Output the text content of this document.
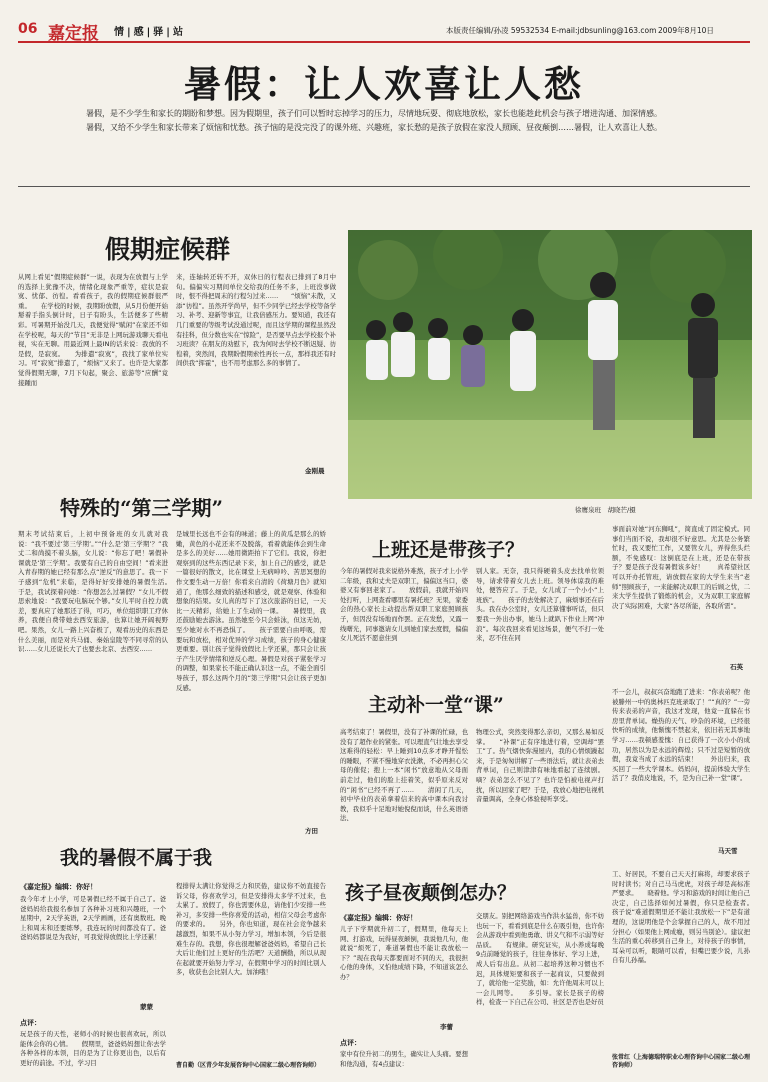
06 嘉定报 情|感|驿|站	本版责任编辑/孙凌 59532534 E-mail:jdbsunling@163.com 2009年8月10日
暑假：让人欢喜让人愁
暑假，是不少学生和家长的期盼和梦想。因为假期里，孩子们可以暂时忘掉学习的压力，尽情地玩耍、彻底地放松，家长也能趁此机会与孩子增进沟通、加深情感。
暑假，又给不少学生和家长带来了烦恼和忧愁。孩子恼的是没完没了的课外班、兴趣班，家长愁的是孩子放假在家没人照顾、昼夜颠倒……暑假，让人欢喜让人愁。
假期症候群
从网上看见“假期症候群”一说，表现为在放假与上学的选择上犹豫不决，情绪化现象严重等，症状是寂寞、忧郁、彷徨。看看孩子，我的假期症候群很严重。　　在学校的时候，我期盼放假，从5月份便开始掰着手指头倒计时，日子有盼头，生活便多了些精彩。可暑期开始没几天，我便觉得“赋闲”在家还不如在学校呢，每天的“节目”无非是上网玩游戏聊天看电视，实在无聊。用最近网上最IN的话来说：我放的不是假，是寂寞。　　为排遣“寂寞”，我找了家单位实习。可“寂寞”排遣了，“烦恼”又来了。也许是大家都觉得假期无聊，7月下旬起，聚会、旅游等“应酬”竟接踵而
来，连轴转还转不开，双休日的行程表已排到了8月中旬。偏偏实习期间单位交给我的任务不多，上班没事做时，恨不得把周末的行程匀过来……　　“烦恼”未散，又添“彷徨”。虽然开学尚早，但不少同学已经去学校等备学习、补考、迎新等事宜，让我倍感压力。要知道，我还有几门重要的等级考试没通过呢，而且这学期的课程虽然没有挂科，但分数也实在“惊险”，是否要早点去学校报个补习班读？在朋友的劝慰下，我为何时去学校不断迟疑、彷徨着，突然间，我期盼假期索性再长一点，那样我还有时间供我“挥霍”，也不用考虑那么多的事情了。
金刚晨
徐鹰泉班　 胡晓芒/摄
特殊的“第三学期”
期末考试结束后，上初中预备班的女儿就对我说：“我不要过‘第三学期’。”“什么是‘第三学期’？”我丈二和尚摸不着头脑，女儿说：“你忘了吧！暑假补课就是‘第三学期’。我要有自己的自由空间！”看来进入青春期的她已经有那么点“逆反”的意思了。我一下子感到“危机”来临，是得好好安排她的暑假生活。　　于是，我试探着问她：“你想怎么过暑假？”女儿不假思索地说：“我要玩电脑玩个够。”女儿平时自控力就差，要真应了她那还了得，可巧，单位组织职工疗休养，我便自费带她去西安旅游，也算让她开阔视野吧。果然，女儿一路上兴奋极了，观看历史的东西是什么美丽，而是对兵马俑、秦始皇陵等不同寻常的认识……女儿还说长大了也要去北京、去西安……
是城里长远也不会有的味道；藤上的黄瓜是那么的娇嫩，黄色的小花还来不及脱落，看着就能体会到生命是多么的美好……她用微距拍下了它们。我说，你把观察到的这些东西记录下来，加上自己的感受，就是一篇很好的散文，比在课堂上无病呻吟、苦思冥想的作文要生动一万倍！你看来自清的《荷塘月色》就知道了，他那么细致的描述和感受，就是观察、体验和想象的结果。女儿真的写下了这次旅游的日记，一天比一天精彩，给她上了生动的一课。　　暑假里，我还鼓励她去游泳。虽然她至今只会蛙泳，但这无妨，至少她对水不再恐惧了。　　孩子需要自由呼吸，需要玩和放松，相对优异的学习成绩，孩子的身心健康更重要。别让孩子觉得放假比上学还累，那只会让孩子产生厌学情绪和逆反心理。暑假是对孩子紧张学习的调整，如果家长不能正确认识这一点，不能全面引导孩子，那么这两个月的“第三学期”只会让孩子更加反感。
方田
上班还是带孩子？
今年的暑假对我来说格外难熬，孩子才上小学二年级，我和丈夫是双职工，偏偏这当口，婆婆又有事回老家了。　　放假前，我就开始四处打听，上网查看哪里有暑托班？无果，家委会的热心家长主动提出帮双职工家庭照顾孩子，但因没有场地而作罢。正在发愁，又露一线曙光，同事邀请女儿到她们家去度假，偏偏女儿死活不愿意住到
别人家。无奈，我只得硬着头皮去找单位领导，请求带着女儿去上班。领导体谅我的难处，便答应了。于是，女儿成了一个小小“上班族”。　　孩子的去处解决了，麻烦事还在后头。我在办公室时，女儿还算懂事听话，但只要我一外出办事，她马上就趴下作业上网“冲浪”。每次我回来看见这场景，便气不打一处来，忍不住在同
事面前对她“河东狮吼”，简直成了固定模式。同事们当面不说，我却很不好意思。尤其是公务繁忙时，我又要忙工作，又要管女儿，弄得焦头烂额，不免感叹：这倒底是在上班，还是在带孩子？要是孩子没有暑假该多好！　　真希望社区可以开办托管班，请放假在家的大学生来当“老师”照顾孩子，一来能解决双职工的后顾之忧，二来大学生提供了锻炼的机会，又为双职工家庭解决了实际困难，大家“各尽所能，各取所需”。
石英
主动补一堂“课”
高考结束了！暑假里，没有了补课的忙碌，也没有了超作业的紧张。可以理直气壮地去享受这难得的轻松：早上睡到10点多才睁开惺忪的睡眼，不紧不慢地穿衣洗漱，不必再担心父母的催促；抱上一本“闲书”放意地从父母面前走过，他们的脸上挂着笑，似乎原来反对的“闲书”已经不再了……　　清闲了几天，初中毕业的表弟拿着信来的高中课本向我讨教，我似乎十足地对她倪倪而谈，什么英语语法、
物理公式，突然变得那么亲切，又那么易如反掌。　　“补课”正有序地进行着，空调却“罢工”了。热气烟快弥漫屋内，我的心情烦躁起来，于是匆匆讲解了一些语法后，就让表弟去背单词，自己则津津有味地看起了连续剧。嘀？表弟怎么不见了？也许是怕被电视声打扰，所以回家了吧？于是，我放心地把电视机音量调高，全身心体验视听享受。
不一会儿，叔叔兴奋地跑了进来：“你表弟呢？他被滕州一中的奥林匹克班录取了！”“真的？”一旁传来表弟的声音，我这才发现，他竟一直躲在书房里背单词。燥热的天气、吵杂的环境，已经很快听的成绩，他惭愧不禁起来，依旧若无其事地学习……我顿感羞愧：自已获得了一次小小的成功，居然以为是永远的辉煌；只不过是短暂的放假，我竟当成了永远的结束！　　外出归来，我买回了一些大学课本。妈妈问，提前体验大学生活了？我俏皮地说，不，是为自己补一堂“课”。
马天雪
我的暑假不属于我
《嘉定报》编辑：你好！
我今年才上小学，可是暑假已经不属于自己了。爸爸妈妈给我报名参加了各种补习班和兴趣班，一个星期中，2天学英语，2天学画画，还有奥数班。晚上和周末和还要练琴，我连玩的时间都没有了。爸爸妈妈都说是为我好，可我觉得放假比上学还累！
蒙蒙
点评：
玩是孩子的天性，老师小的时候也很喜欢玩，所以能体会你的心情。　　假期里，爸爸妈妈想让你去学各种各样的本领，目的是为了让你更出色，以后有更好的前途。不过，学习目
程排得太满让你觉得乏力和厌倦，建议你不妨直接告诉父母，你喜欢学习，但是安排得太多学不过来，也太累了。放假了，你也需要休息，请他们少安排一些补习，多安排一些你喜爱的活动，相信父母会考虑你的要求的。　　另外，你也知道，现在社会竞争越来越激烈，如果不从小努力学习，增加本领，今后是很难生存的。我想，你也很理解爸爸妈妈，希望自己长大后让他们过上更好的生活吧？天道酬勤，所以从现在起就要开始努力学习，在假期中学习的时间比别人多，收获也会比别人大。加油哦！
曹自勤（区青少年发展咨询中心国家二级心理咨询师）
孩子昼夜颠倒怎办？
《嘉定报》编辑：你好！
儿子下学期就升初二了，假期里，他每天上网、打游戏，玩得昼夜颠倒，我说他几句，他就说“烦死了，难道暑假也不能让我放松一下？”现在我每天都要面对不同的天，我很担心他的身体，又怕他成绩下降，不知道该怎么办？
李蕾
点评：
家中有位升初二的男生，确实让人头痛。要想和他沟通，有4点建议：
交朋友。别把网络游戏当作洪水猛兽，你不妨也玩一下，看看到底是什么在吸引他，也许你会从游戏中看到他勇敢、讲义气和不示弱等好品质。　　有规律。研究证实，从小养成每晚9点前睡觉的孩子，往往身体好、学习上进，成人后有出息。从初二起培养这种习惯也不迟，具体规矩要和孩子一起商议，只要做到了，就给他一定奖励，如：允许他周末可以上一会儿网等。　　多引导。家长是孩子的榜样，检查一下自己在公司、社区是否也是好员
工、好居民，不要自己天天打麻将，却要求孩子时时读书；对自己马马虎虎，对孩子却是高标准严要求。　　晓着他。学习和游戏的时间让他自己决定，自己选择如何过暑假，你只是检查者。　　孩子说“难道假期里还不能让我放松一下”是有道理的，这说明他是个会掌握自己的人，故不用过分担心（如果他上网成瘾，则另当别论）。建议把生活的重心转移到自己身上，对待孩子的事情，耳朵可以听，眼睛可以看，但嘴巴要少说，儿孙自有儿孙福。
张常红（上海德瑞特职业心理咨询中心国家二级心理咨询师）
